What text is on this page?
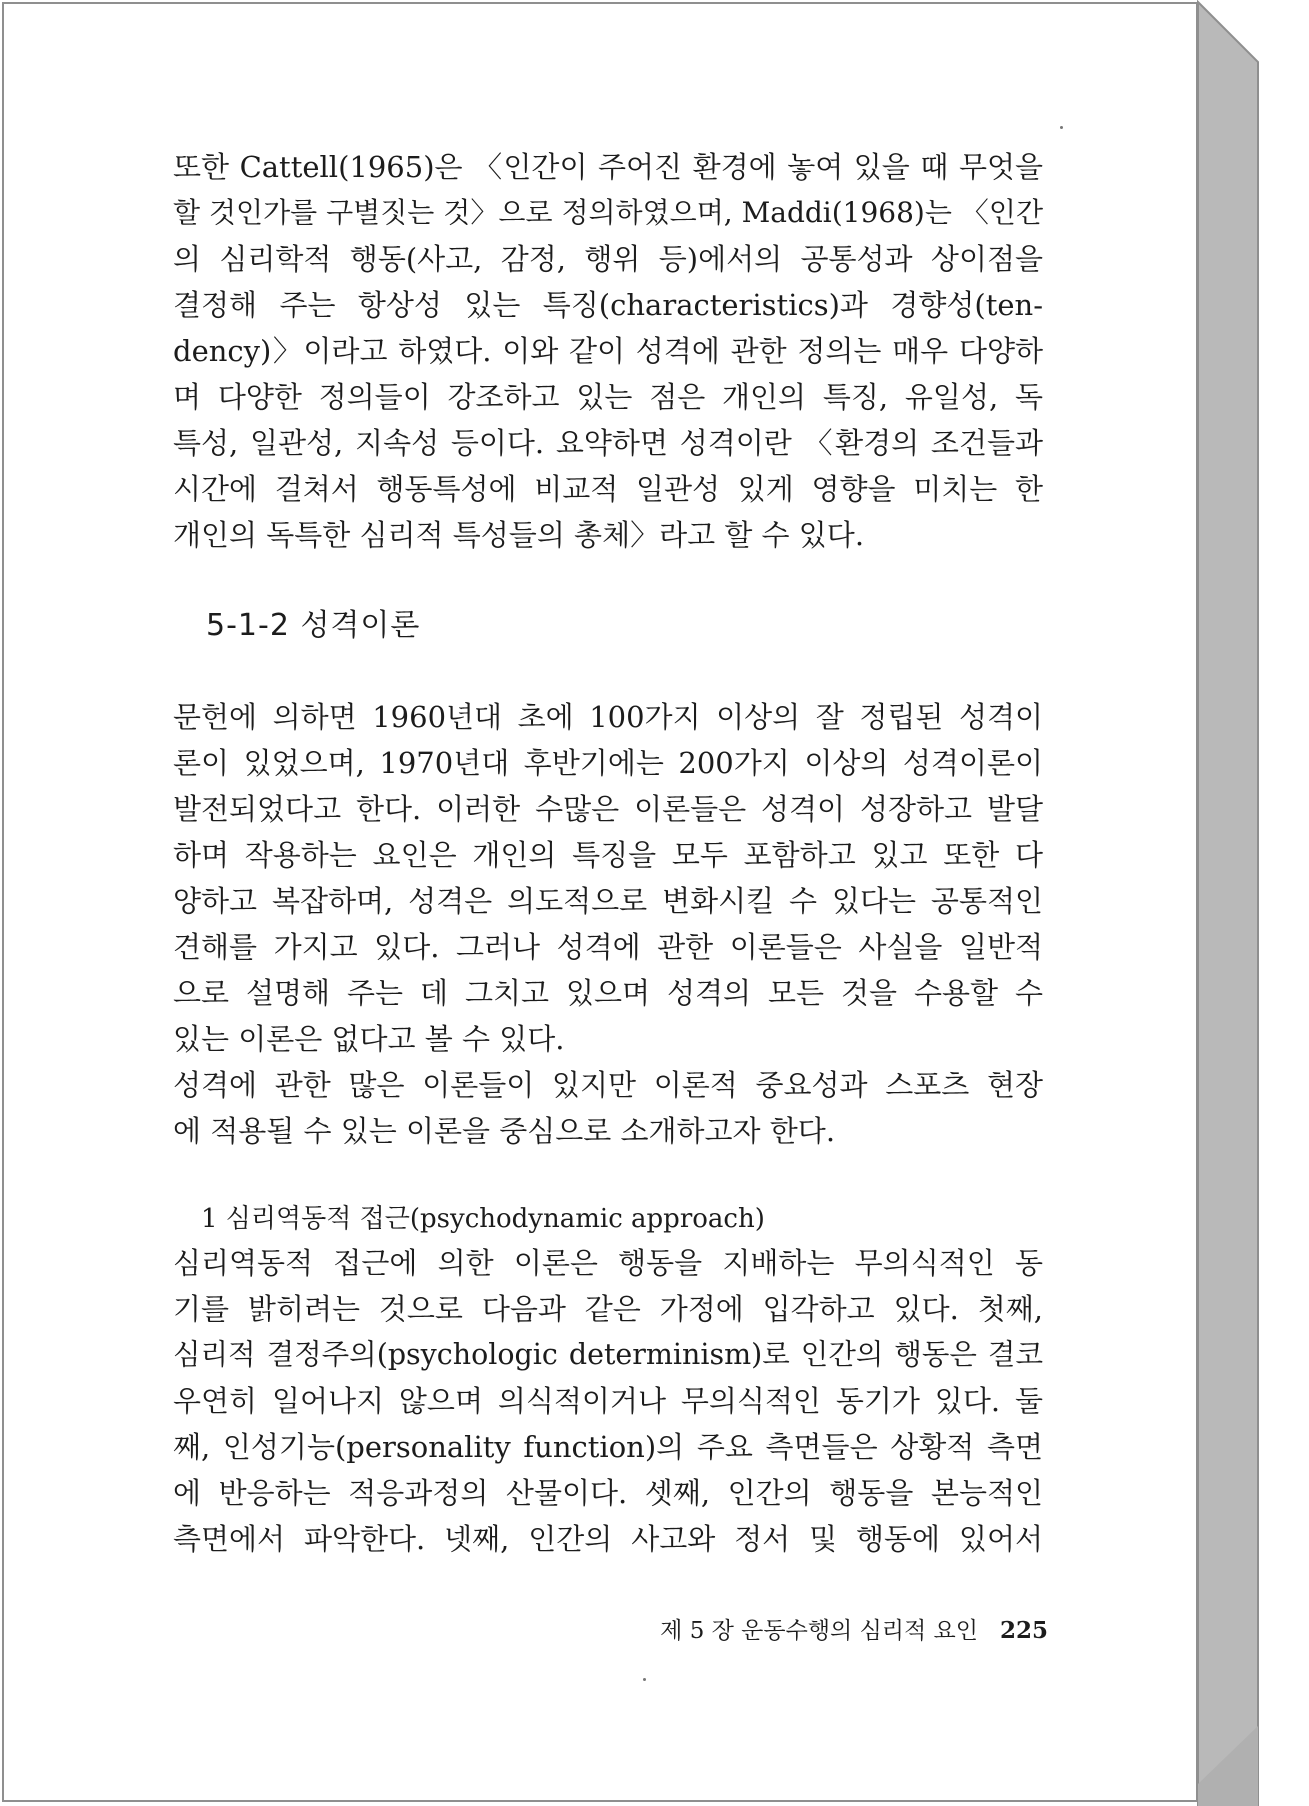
또한 Cattell(1965)은 〈인간이 주어진 환경에 놓여 있을 때 무엇을
할 것인가를 구별짓는 것〉으로 정의하였으며, Maddi(1968)는 〈인간
의 심리학적 행동(사고, 감정, 행위 등)에서의 공통성과 상이점을
결정해 주는 항상성 있는 특징(characteristics)과 경향성(ten-
dency)〉이라고 하였다. 이와 같이 성격에 관한 정의는 매우 다양하
며 다양한 정의들이 강조하고 있는 점은 개인의 특징, 유일성, 독
특성, 일관성, 지속성 등이다. 요약하면 성격이란 〈환경의 조건들과
시간에 걸쳐서 행동특성에 비교적 일관성 있게 영향을 미치는 한
개인의 독특한 심리적 특성들의 총체〉라고 할 수 있다.
5-1-2 성격이론
문헌에 의하면 1960년대 초에 100가지 이상의 잘 정립된 성격이
론이 있었으며, 1970년대 후반기에는 200가지 이상의 성격이론이
발전되었다고 한다. 이러한 수많은 이론들은 성격이 성장하고 발달
하며 작용하는 요인은 개인의 특징을 모두 포함하고 있고 또한 다
양하고 복잡하며, 성격은 의도적으로 변화시킬 수 있다는 공통적인
견해를 가지고 있다. 그러나 성격에 관한 이론들은 사실을 일반적
으로 설명해 주는 데 그치고 있으며 성격의 모든 것을 수용할 수
있는 이론은 없다고 볼 수 있다.
성격에 관한 많은 이론들이 있지만 이론적 중요성과 스포츠 현장
에 적용될 수 있는 이론을 중심으로 소개하고자 한다.
1 심리역동적 접근(psychodynamic approach)
심리역동적 접근에 의한 이론은 행동을 지배하는 무의식적인 동
기를 밝히려는 것으로 다음과 같은 가정에 입각하고 있다. 첫째,
심리적 결정주의(psychologic determinism)로 인간의 행동은 결코
우연히 일어나지 않으며 의식적이거나 무의식적인 동기가 있다. 둘
째, 인성기능(personality function)의 주요 측면들은 상황적 측면
에 반응하는 적응과정의 산물이다. 셋째, 인간의 행동을 본능적인
측면에서 파악한다. 넷째, 인간의 사고와 정서 및 행동에 있어서
제 5 장 운동수행의 심리적 요인 225
